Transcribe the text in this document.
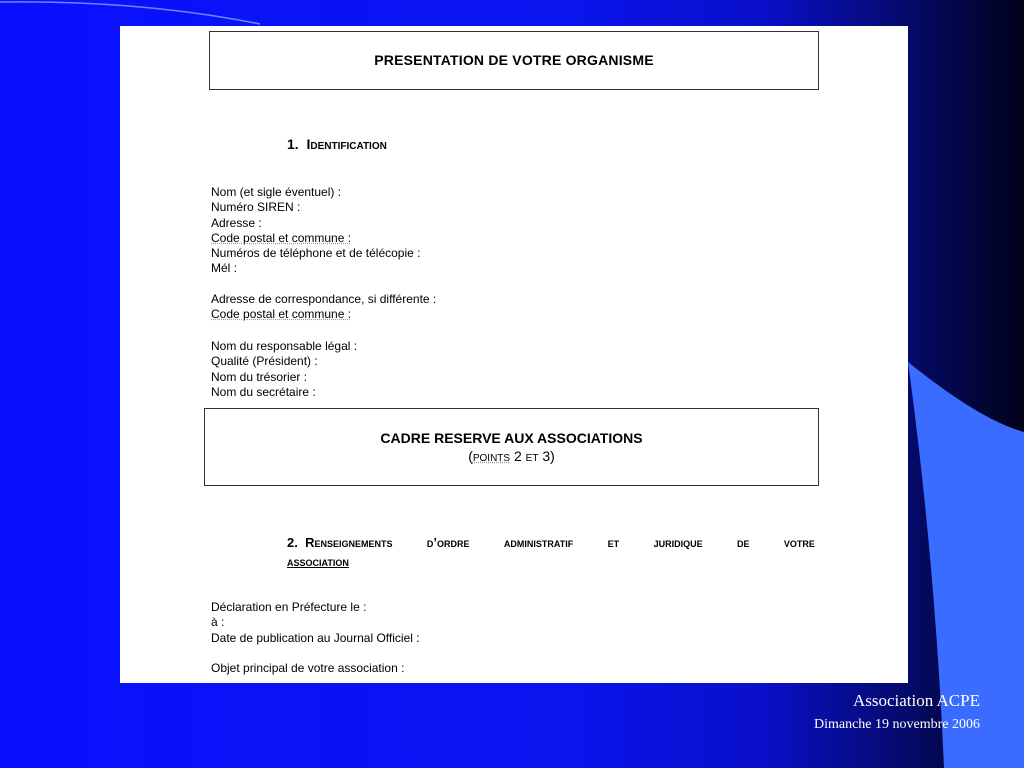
PRESENTATION DE VOTRE ORGANISME
1. Identification
Nom (et sigle éventuel) :
Numéro SIREN :
Adresse :
Code postal et commune :
Numéros de téléphone et de télécopie :
Mél :
Adresse de correspondance, si différente :
Code postal et commune :
Nom du responsable légal :
Qualité (Président) :
Nom du trésorier :
Nom du secrétaire :
CADRE RESERVE AUX ASSOCIATIONS
(points 2 et 3)
2. Renseignements	d’ordre	administratif	et	juridique	de	votre
association
Déclaration en Préfecture le :
à :
Date de publication au Journal Officiel :
Objet principal de votre association :
Association ACPE
Dimanche 19 novembre 2006
